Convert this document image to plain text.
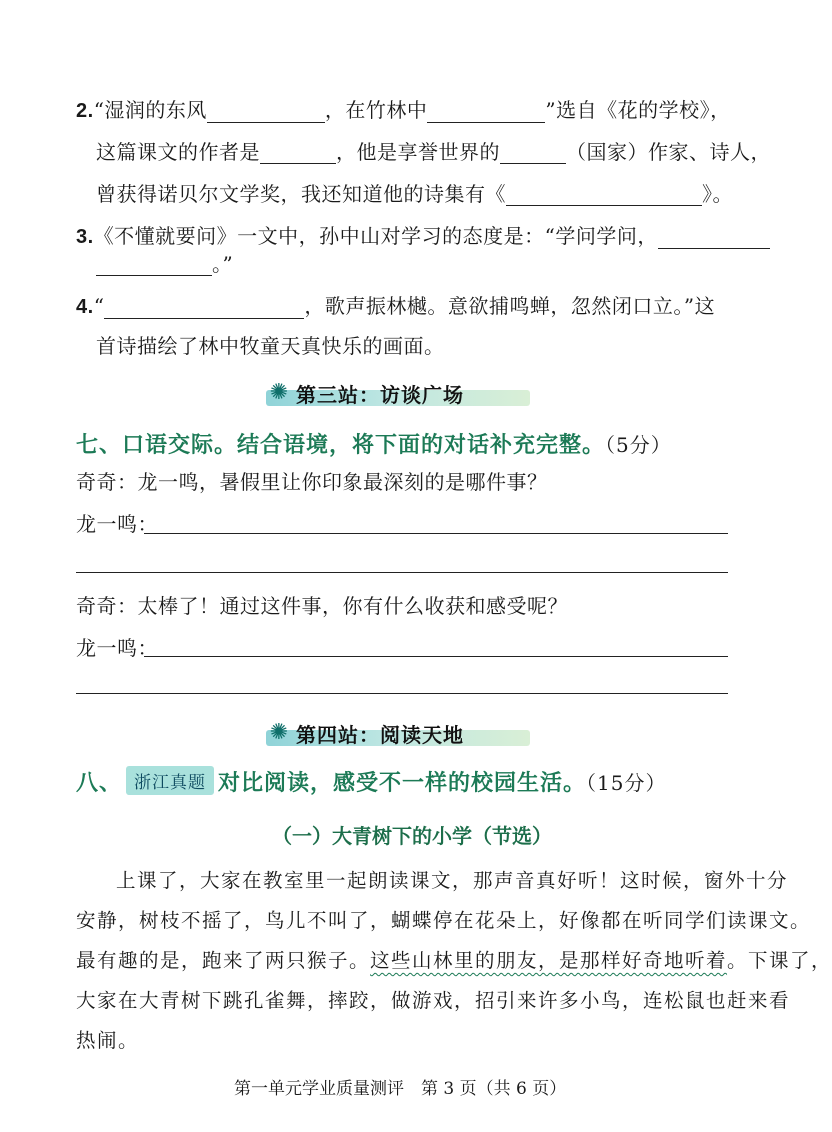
2.“湿润的东风	，在竹林中	”选自《花的学校》，
这篇课文的作者是	，他是享誉世界的	（国家）作家、诗人，
曾获得诺贝尔文学奖，我还知道他的诗集有《	》。
3.《不懂就要问》一文中，孙中山对学习的态度是：“学问学问，
。”
4.“	，歌声振林樾。意欲捕鸣蝉，忽然闭口立。”这
首诗描绘了林中牧童天真快乐的画面。
✺ 第三站：访谈广场
七、口语交际。结合语境，将下面的对话补充完整。（5分）
奇奇：龙一鸣，暑假里让你印象最深刻的是哪件事？
龙一鸣：
奇奇：太棒了！通过这件事，你有什么收获和感受呢？
龙一鸣：
✺ 第四站：阅读天地
八、 浙江真题 对比阅读，感受不一样的校园生活。（15分）
（一）大青树下的小学（节选）
上课了，大家在教室里一起朗读课文，那声音真好听！这时候，窗外十分
安静，树枝不摇了，鸟儿不叫了，蝴蝶停在花朵上，好像都在听同学们读课文。
最有趣的是，跑来了两只猴子。这些山林里的朋友，是那样好奇地听着。下课了，
大家在大青树下跳孔雀舞，摔跤，做游戏，招引来许多小鸟，连松鼠也赶来看
热闹。
第一单元学业质量测评　第 3 页（共 6 页）
